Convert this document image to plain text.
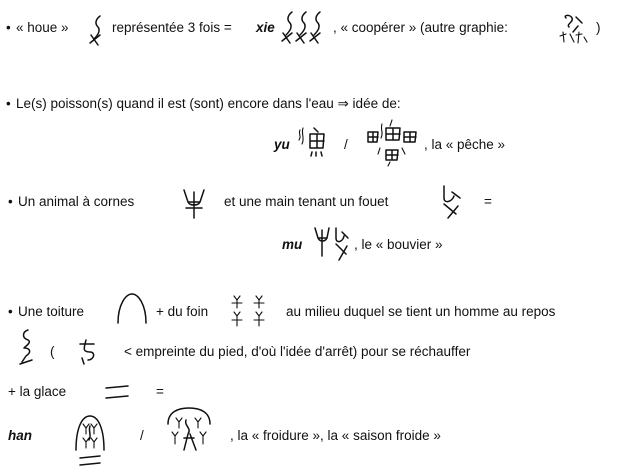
• « houe »	représentée 3 fois = xie	, « coopérer » (autre graphie:	)
• Le(s) poisson(s) quand il est (sont) encore dans l'eau ⇒ idée de:
yu	/	, la « pêche »
• Un animal à cornes	et une main tenant un fouet	=
mu	, le « bouvier »
• Une toiture	+ du foin	au milieu duquel se tient un homme au repos
(	< empreinte du pied, d'où l'idée d'arrêt) pour se réchauffer
+ la glace	=
han	/	, la « froidure », la « saison froide »
